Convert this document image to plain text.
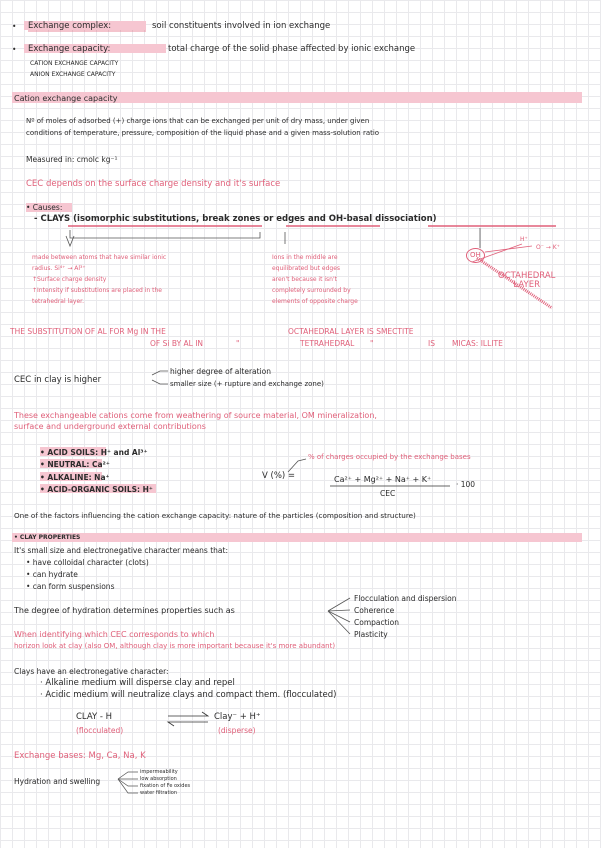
• Exchange complex:	soil constituents involved in ion exchange
• Exchange capacity:	total charge of the solid phase affected by ionic exchange
CATION EXCHANGE CAPACITY
ANION EXCHANGE CAPACITY
Cation exchange capacity
Nº of moles of adsorbed (+) charge ions that can be exchanged per unit of dry mass, under given
conditions of temperature, pressure, composition of the liquid phase and a given mass-solution ratio
Measured in: cmolc kg⁻¹
CEC depends on the surface charge density and it's surface
• Causes:
- CLAYS (isomorphic substitutions, break zones or edges and OH-basal dissociation)
made between atoms that have similar ionic
radius. Si⁴⁺ → Al³⁺
↑Surface charge density
↑Intensity if substitutions are placed in the
tetrahedral layer.
Ions in the middle are
equilibrated but edges
aren't because it isn't
completely surrounded by
elements of opposite charge
OH
H⁺
O⁻ → K⁺
OCTAHEDRAL
LAYER
THE SUBSTITUTION OF AL FOR Mg IN THE	OCTAHEDRAL LAYER IS SMECTITE
OF Si BY AL IN	"	TETRAHEDRAL "	IS MICAS: ILLITE
CEC in clay is higher
higher degree of alteration
smaller size (+ rupture and exchange zone)
These exchangeable cations come from weathering of source material, OM mineralization,
surface and underground external contributions
• ACID SOILS: H⁺ and Al³⁺
• NEUTRAL: Ca²⁺
• ALKALINE: Na⁺
• ACID-ORGANIC SOILS: H⁺
% of charges occupied by the exchange bases
V (%) =	Ca²⁺ + Mg²⁺ + Na⁺ + K⁺
CEC
· 100
One of the factors influencing the cation exchange capacity: nature of the particles (composition and structure)
• CLAY PROPERTIES
It's small size and electronegative character means that:
• have colloidal character (clots)
• can hydrate
• can form suspensions
The degree of hydration determines properties such as
Flocculation and dispersion
Coherence
Compaction
Plasticity
When identifying which CEC corresponds to which
horizon look at clay (also OM, although clay is more important because it's more abundant)
Clays have an electronegative character:
· Alkaline medium will disperse clay and repel
· Acidic medium will neutralize clays and compact them. (flocculated)
CLAY - H
(flocculated)
Clay⁻ + H⁺
(disperse)
Exchange bases: Mg, Ca, Na, K
Hydration and swelling
impermeability
low absorption
fixation of Fe oxides
water filtration
